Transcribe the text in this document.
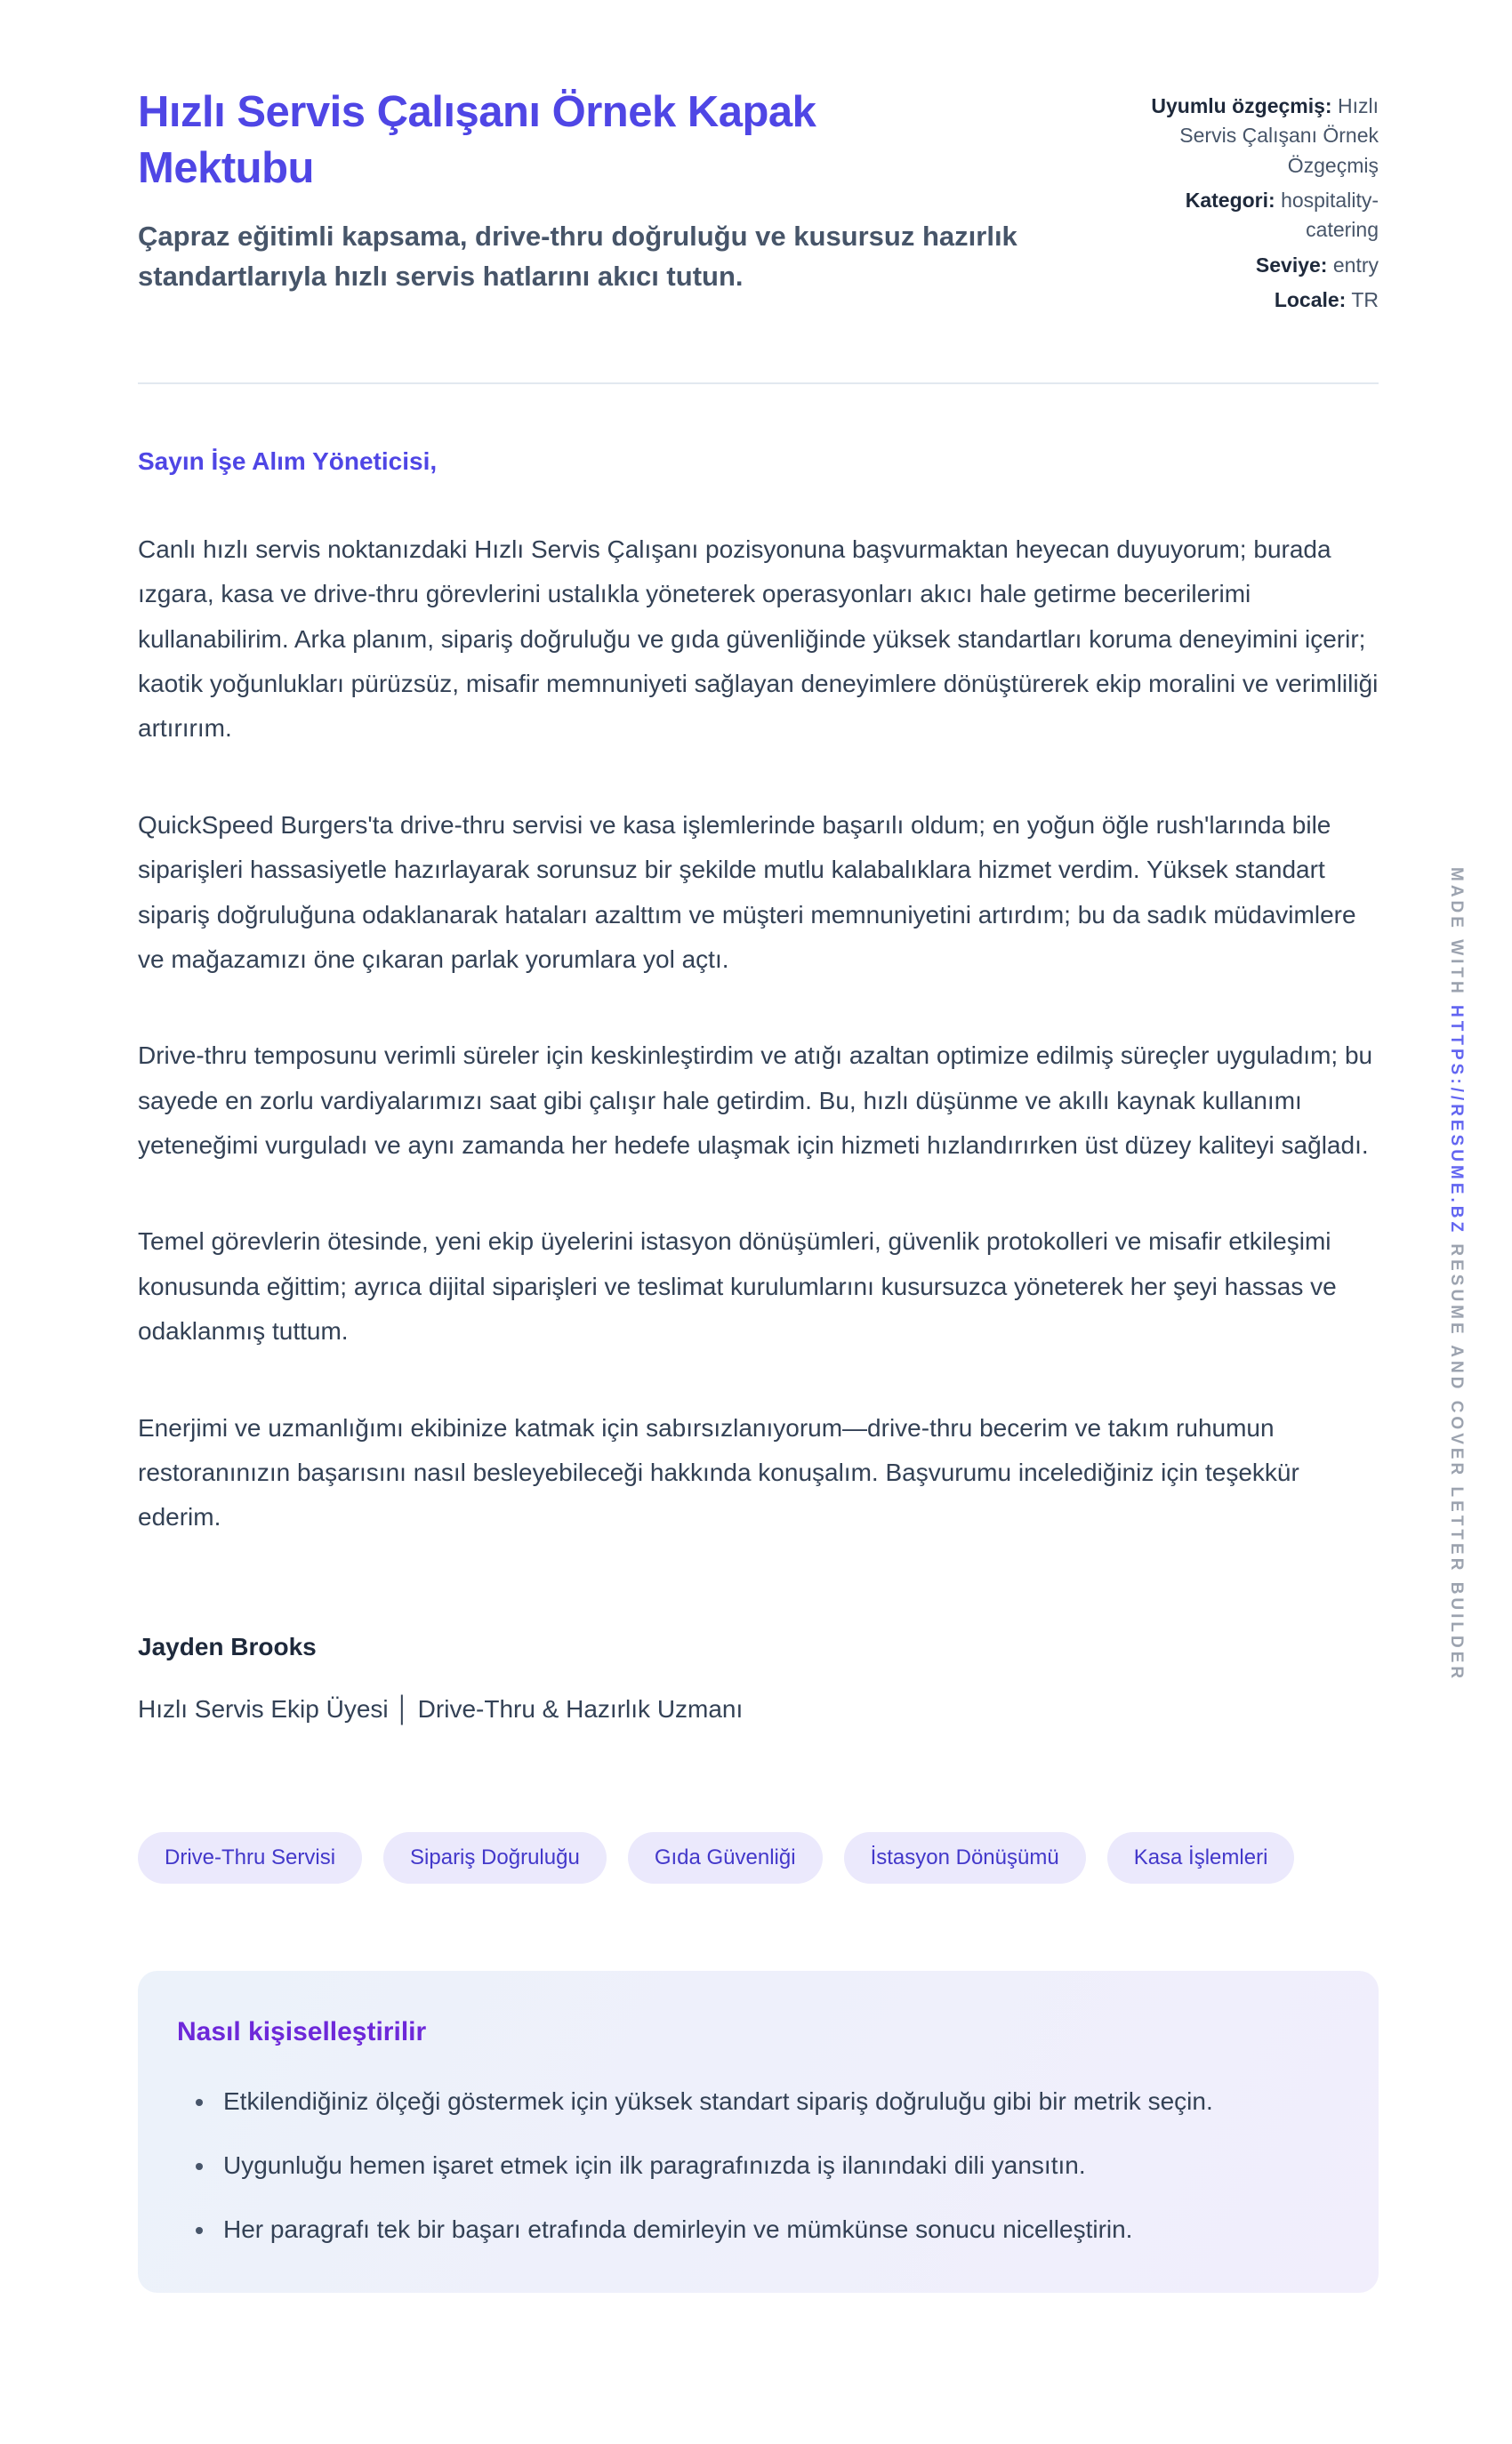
Hızlı Servis Çalışanı Örnek Kapak Mektubu

Çapraz eğitimli kapsama, drive-thru doğruluğu ve kusursuz hazırlık standartlarıyla hızlı servis hatlarını akıcı tutun.

Uyumlu özgeçmiş: Hızlı Servis Çalışanı Örnek Özgeçmiş

Kategori: hospitality-catering

Seviye: entry

Locale: TR

Sayın İşe Alım Yöneticisi,

Canlı hızlı servis noktanızdaki Hızlı Servis Çalışanı pozisyonuna başvurmaktan heyecan duyuyorum; burada ızgara, kasa ve drive-thru görevlerini ustalıkla yöneterek operasyonları akıcı hale getirme becerilerimi kullanabilirim. Arka planım, sipariş doğruluğu ve gıda güvenliğinde yüksek standartları koruma deneyimini içerir; kaotik yoğunlukları pürüzsüz, misafir memnuniyeti sağlayan deneyimlere dönüştürerek ekip moralini ve verimliliği artırırım.

QuickSpeed Burgers'ta drive-thru servisi ve kasa işlemlerinde başarılı oldum; en yoğun öğle rush'larında bile siparişleri hassasiyetle hazırlayarak sorunsuz bir şekilde mutlu kalabalıklara hizmet verdim. Yüksek standart sipariş doğruluğuna odaklanarak hataları azalttım ve müşteri memnuniyetini artırdım; bu da sadık müdavimlere ve mağazamızı öne çıkaran parlak yorumlara yol açtı.

Drive-thru temposunu verimli süreler için keskinleştirdim ve atığı azaltan optimize edilmiş süreçler uyguladım; bu sayede en zorlu vardiyalarımızı saat gibi çalışır hale getirdim. Bu, hızlı düşünme ve akıllı kaynak kullanımı yeteneğimi vurguladı ve aynı zamanda her hedefe ulaşmak için hizmeti hızlandırırken üst düzey kaliteyi sağladı.

Temel görevlerin ötesinde, yeni ekip üyelerini istasyon dönüşümleri, güvenlik protokolleri ve misafir etkileşimi konusunda eğittim; ayrıca dijital siparişleri ve teslimat kurulumlarını kusursuzca yöneterek her şeyi hassas ve odaklanmış tuttum.

Enerjimi ve uzmanlığımı ekibinize katmak için sabırsızlanıyorum—drive-thru becerim ve takım ruhumun restoranınızın başarısını nasıl besleyebileceği hakkında konuşalım. Başvurumu incelediğiniz için teşekkür ederim.

Jayden Brooks

Hızlı Servis Ekip Üyesi │ Drive-Thru & Hazırlık Uzmanı

Drive-Thru Servisi	Sipariş Doğruluğu	Gıda Güvenliği	İstasyon Dönüşümü	Kasa İşlemleri
Nasıl kişiselleştirilir
• Etkilendiğiniz ölçeği göstermek için yüksek standart sipariş doğruluğu gibi bir metrik seçin.
• Uygunluğu hemen işaret etmek için ilk paragrafınızda iş ilanındaki dili yansıtın.
• Her paragrafı tek bir başarı etrafında demirleyin ve mümkünse sonucu nicelleştirin.
MADE WITH HTTPS://RESUME.BZ RESUME AND COVER LETTER BUILDER
